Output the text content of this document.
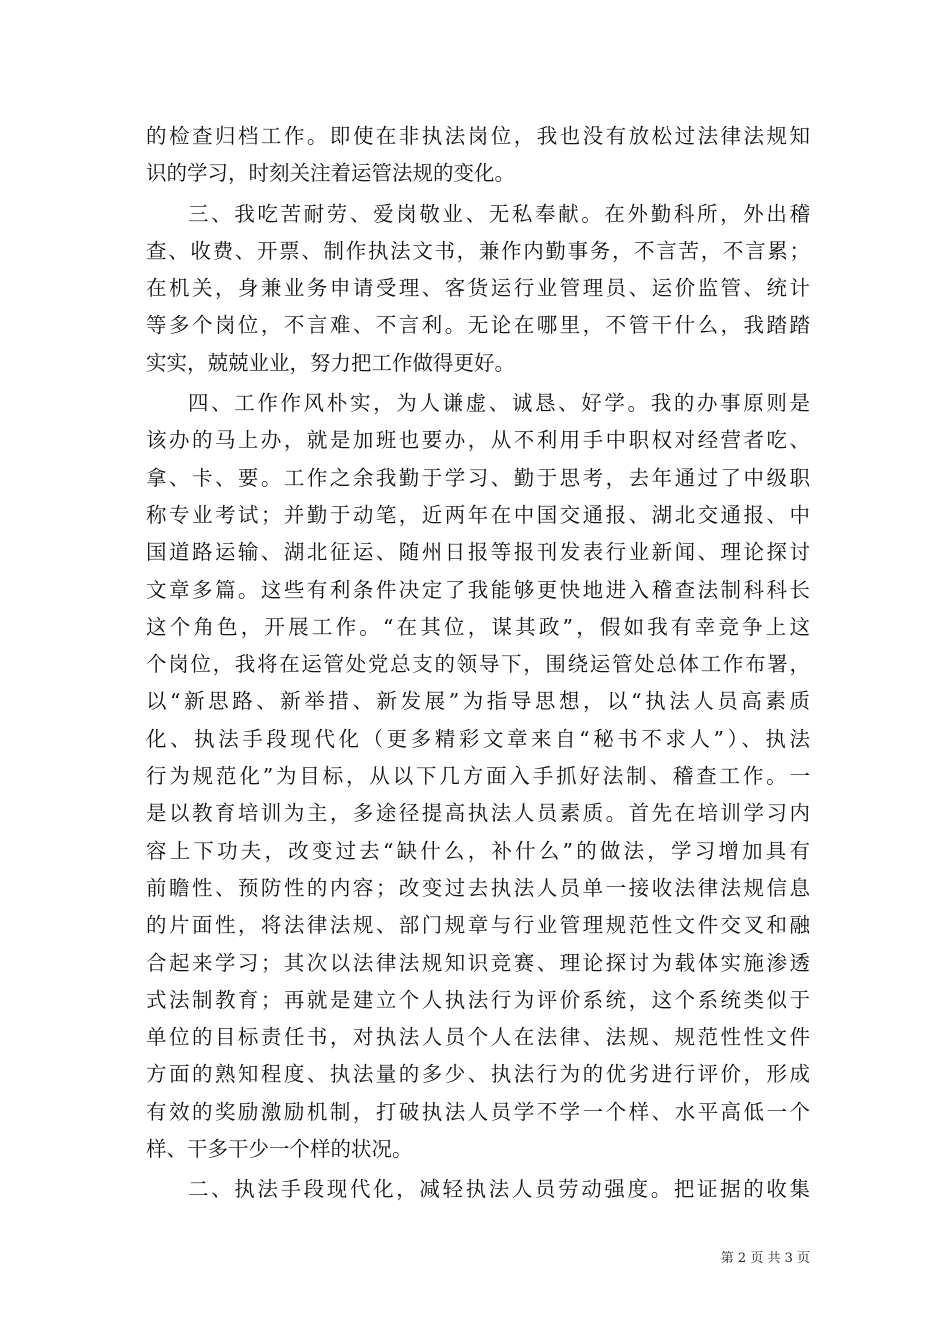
的检查归档工作。即使在非执法岗位，我也没有放松过法律法规知
识的学习，时刻关注着运管法规的变化。
三、我吃苦耐劳、爱岗敬业、无私奉献。在外勤科所，外出稽
查、收费、开票、制作执法文书，兼作内勤事务，不言苦，不言累；
在机关，身兼业务申请受理、客货运行业管理员、运价监管、统计
等多个岗位，不言难、不言利。无论在哪里，不管干什么，我踏踏
实实，兢兢业业，努力把工作做得更好。
四、工作作风朴实，为人谦虚、诚恳、好学。我的办事原则是
该办的马上办，就是加班也要办，从不利用手中职权对经营者吃、
拿、卡、要。工作之余我勤于学习、勤于思考，去年通过了中级职
称专业考试；并勤于动笔，近两年在中国交通报、湖北交通报、中
国道路运输、湖北征运、随州日报等报刊发表行业新闻、理论探讨
文章多篇。这些有利条件决定了我能够更快地进入稽查法制科科长
这个角色，开展工作。“在其位，谋其政”，假如我有幸竞争上这
个岗位，我将在运管处党总支的领导下，围绕运管处总体工作布署，
以“新思路、新举措、新发展”为指导思想，以“执法人员高素质
化、执法手段现代化（更多精彩文章来自“秘书不求人”）、执法
行为规范化”为目标，从以下几方面入手抓好法制、稽查工作。一
是以教育培训为主，多途径提高执法人员素质。首先在培训学习内
容上下功夫，改变过去“缺什么，补什么”的做法，学习增加具有
前瞻性、预防性的内容；改变过去执法人员单一接收法律法规信息
的片面性，将法律法规、部门规章与行业管理规范性文件交叉和融
合起来学习；其次以法律法规知识竞赛、理论探讨为载体实施渗透
式法制教育；再就是建立个人执法行为评价系统，这个系统类似于
单位的目标责任书，对执法人员个人在法律、法规、规范性性文件
方面的熟知程度、执法量的多少、执法行为的优劣进行评价，形成
有效的奖励激励机制，打破执法人员学不学一个样、水平高低一个
样、干多干少一个样的状况。
二、执法手段现代化，减轻执法人员劳动强度。把证据的收集
第 2 页 共 3 页
